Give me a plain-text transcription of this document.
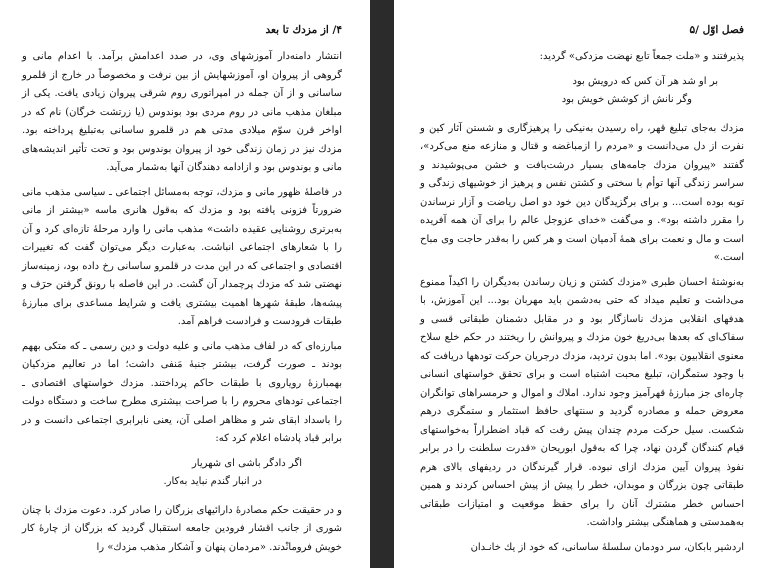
۴/ از مزدك تا بعد
انتشار دامنه‌دار آموزشهای وی، در صدد اعدامش برآمد. با اعدام مانی و گروهی از پیروان او، آموزشهایش از بین نرفت و مخصوصاً در خارج از قلمرو ساسانی و از آن جمله در امپراتوری روم شرقی پیروان زیادی یافت. یکی از مبلغان مذهب مانی در روم مردی بود بوندوس (یا زرتشت خرگان) نام که در اواخر قرن سوّم میلادی مدتی هم در قلمرو ساسانی به‌تبلیغ پرداخته بود. مزدك نیز در زمان زندگی خود از پیروان بوندوس بود و تحت تأثیر اندیشه‌های مانی و بوندوس بود و ازادامه دهندگان آنها به‌شمار می‌آید.
در فاصلهٔ ظهور مانی و مزدك، توجه به‌مسائل اجتماعی ـ سیاسی مذهب مانی ضرورتاً فزونی یافته بود و مزدك که به‌قول هانری ماسه «بیشتر از مانی به‌برتری روشنایی عقیده داشت» مذهب مانی را وارد مرحلهٔ تازه‌ای کرد و آن را با شعارهای اجتماعی انباشت. به‌عبارت دیگر می‌توان گفت که تغییرات اقتصادی و اجتماعی که در این مدت در قلمرو ساسانی رخ داده بود، زمینه‌ساز نهضتی شد که مزدك پرچمدار آن گشت. در این فاصله با رونق گرفتن حرَف و پیشه‌ها، طبقهٔ شهرها اهمیت بیشتری یافت و شرایط مساعدی برای مبارزهٔ طبقات فرودست و فرادست فراهم آمد.
مبارزه‌ای که در لفاف مذهب مانی و علیه دولت و دین رسمی ـ که متکی بههم بودند ـ صورت گرفت، بیشتر جنبهٔ مَنفی داشت؛ اما در تعالیم مزدکیان بهمبارزهٔ رویاروی با طبقات حاکم پرداختند. مزدك خواستهای اقتصادی ـ اجتماعی تودهای محروم را با صراحت بیشتری مطرح ساخت و دستگاه دولت را باسداد ابقای شر و مظاهر اصلی آن، یعنی نابرابری اجتماعی دانست و در برابر قباد پادشاه اعلام کرد که:
اگر دادگر باشی ای شهریار
در انبار گندم نباید به‌کار.
و در حقیقت حکم مصادرهٔ دارائیهای بزرگان را صادر کرد. دعوت مزدك با چنان شوری از جانب اقشار فرودین جامعه استقبال گردید که بزرگان از چارهٔ کار خویش فرومانْدند. «مردمان پنهان و آشکار مذهب مزدك» را
فصل اوّل /۵
پذیرفتند و «ملت جمعاً تابع نهضت مزدکی» گردید:
بر او شد هر آن کس که درویش بود
وگر نانش از کوشش خویش بود
مزدك به‌جای تبلیغ قهر، راه رسیدن به‌نیکی را پرهیزگاری و شستن آثار کین و نفرت از دل می‌دانست و «مردم را ازمباغضه و قتال و منازعه منع می‌کرد»، گفتند «پیروان مزدك جامه‌های بسیار درشت‌بافت و خشن می‌پوشیدند و سراسر زندگی آنها توأم با سختی و کشتن نفس و پرهیز از خوشیهای زندگی و توبه بوده است... و برای برگزیدگان دین خود دو اصل ریاضت و آزار نرساندن را مقرر داشته بود». و می‌گفت «خدای عزوجل عالم را برای آن همه آفریده است و مال و نعمت برای همهٔ آدمیان است و هر کس را به‌قدر حاجت وی مباح است.»
به‌نوشتهٔ احسان طبری «مزدك كشتن و زیان رساندن به‌دیگران را اکیداً ممنوع می‌داشت و تعلیم میداد که حتی به‌دشمن باید مهربان بود... این آموزش، با هدفهای انقلابی مزدك ناسازگار بود و در مقابل دشمنان طبقاتی قسی و سفاک‌ای که بعدها بی‌دریغ خون مزدك و پیروانش را ریختند در حکم خلع سلاح معنوی انقلابیون بود». اما بدون تردید، مزدك درجریان حرکت تودهها دریافت که با وجود ستمگران، تبلیغ محبت اشتباه است و برای تحقق خواستهای انسانی چاره‌ای جز مبارزهٔ قهرآمیز وجود ندارد. املاك و اموال و حرمسراهای توانگران معروض حمله و مصادره گردید و سنتهای حافظ استثمار و ستمگری درهم شکست. سیل حرکت مردم چندان پیش رفت که قباد اضطراراً به‌خواستهای قیام کنندگان گردن نهاد، چرا که به‌قول ابوریحان «قدرت سلطنت را در برابر نفوذ پیروان آیین مزدك ازای نبوده. قرار گیرندگان در ردیفهای بالای هرم طبقاتی چون بزرگان و موبدان، خطر را پیش از پیش احساس کردند و همین احساس خطر مشترك آنان را برای حفظ موقعیت و امتیازات طبقاتی به‌همدستی و هماهنگی بیشتر واداشت.
اردشیر بابکان، سر دودمان سلسلهٔ ساسانی، که خود از یك خانـدان
